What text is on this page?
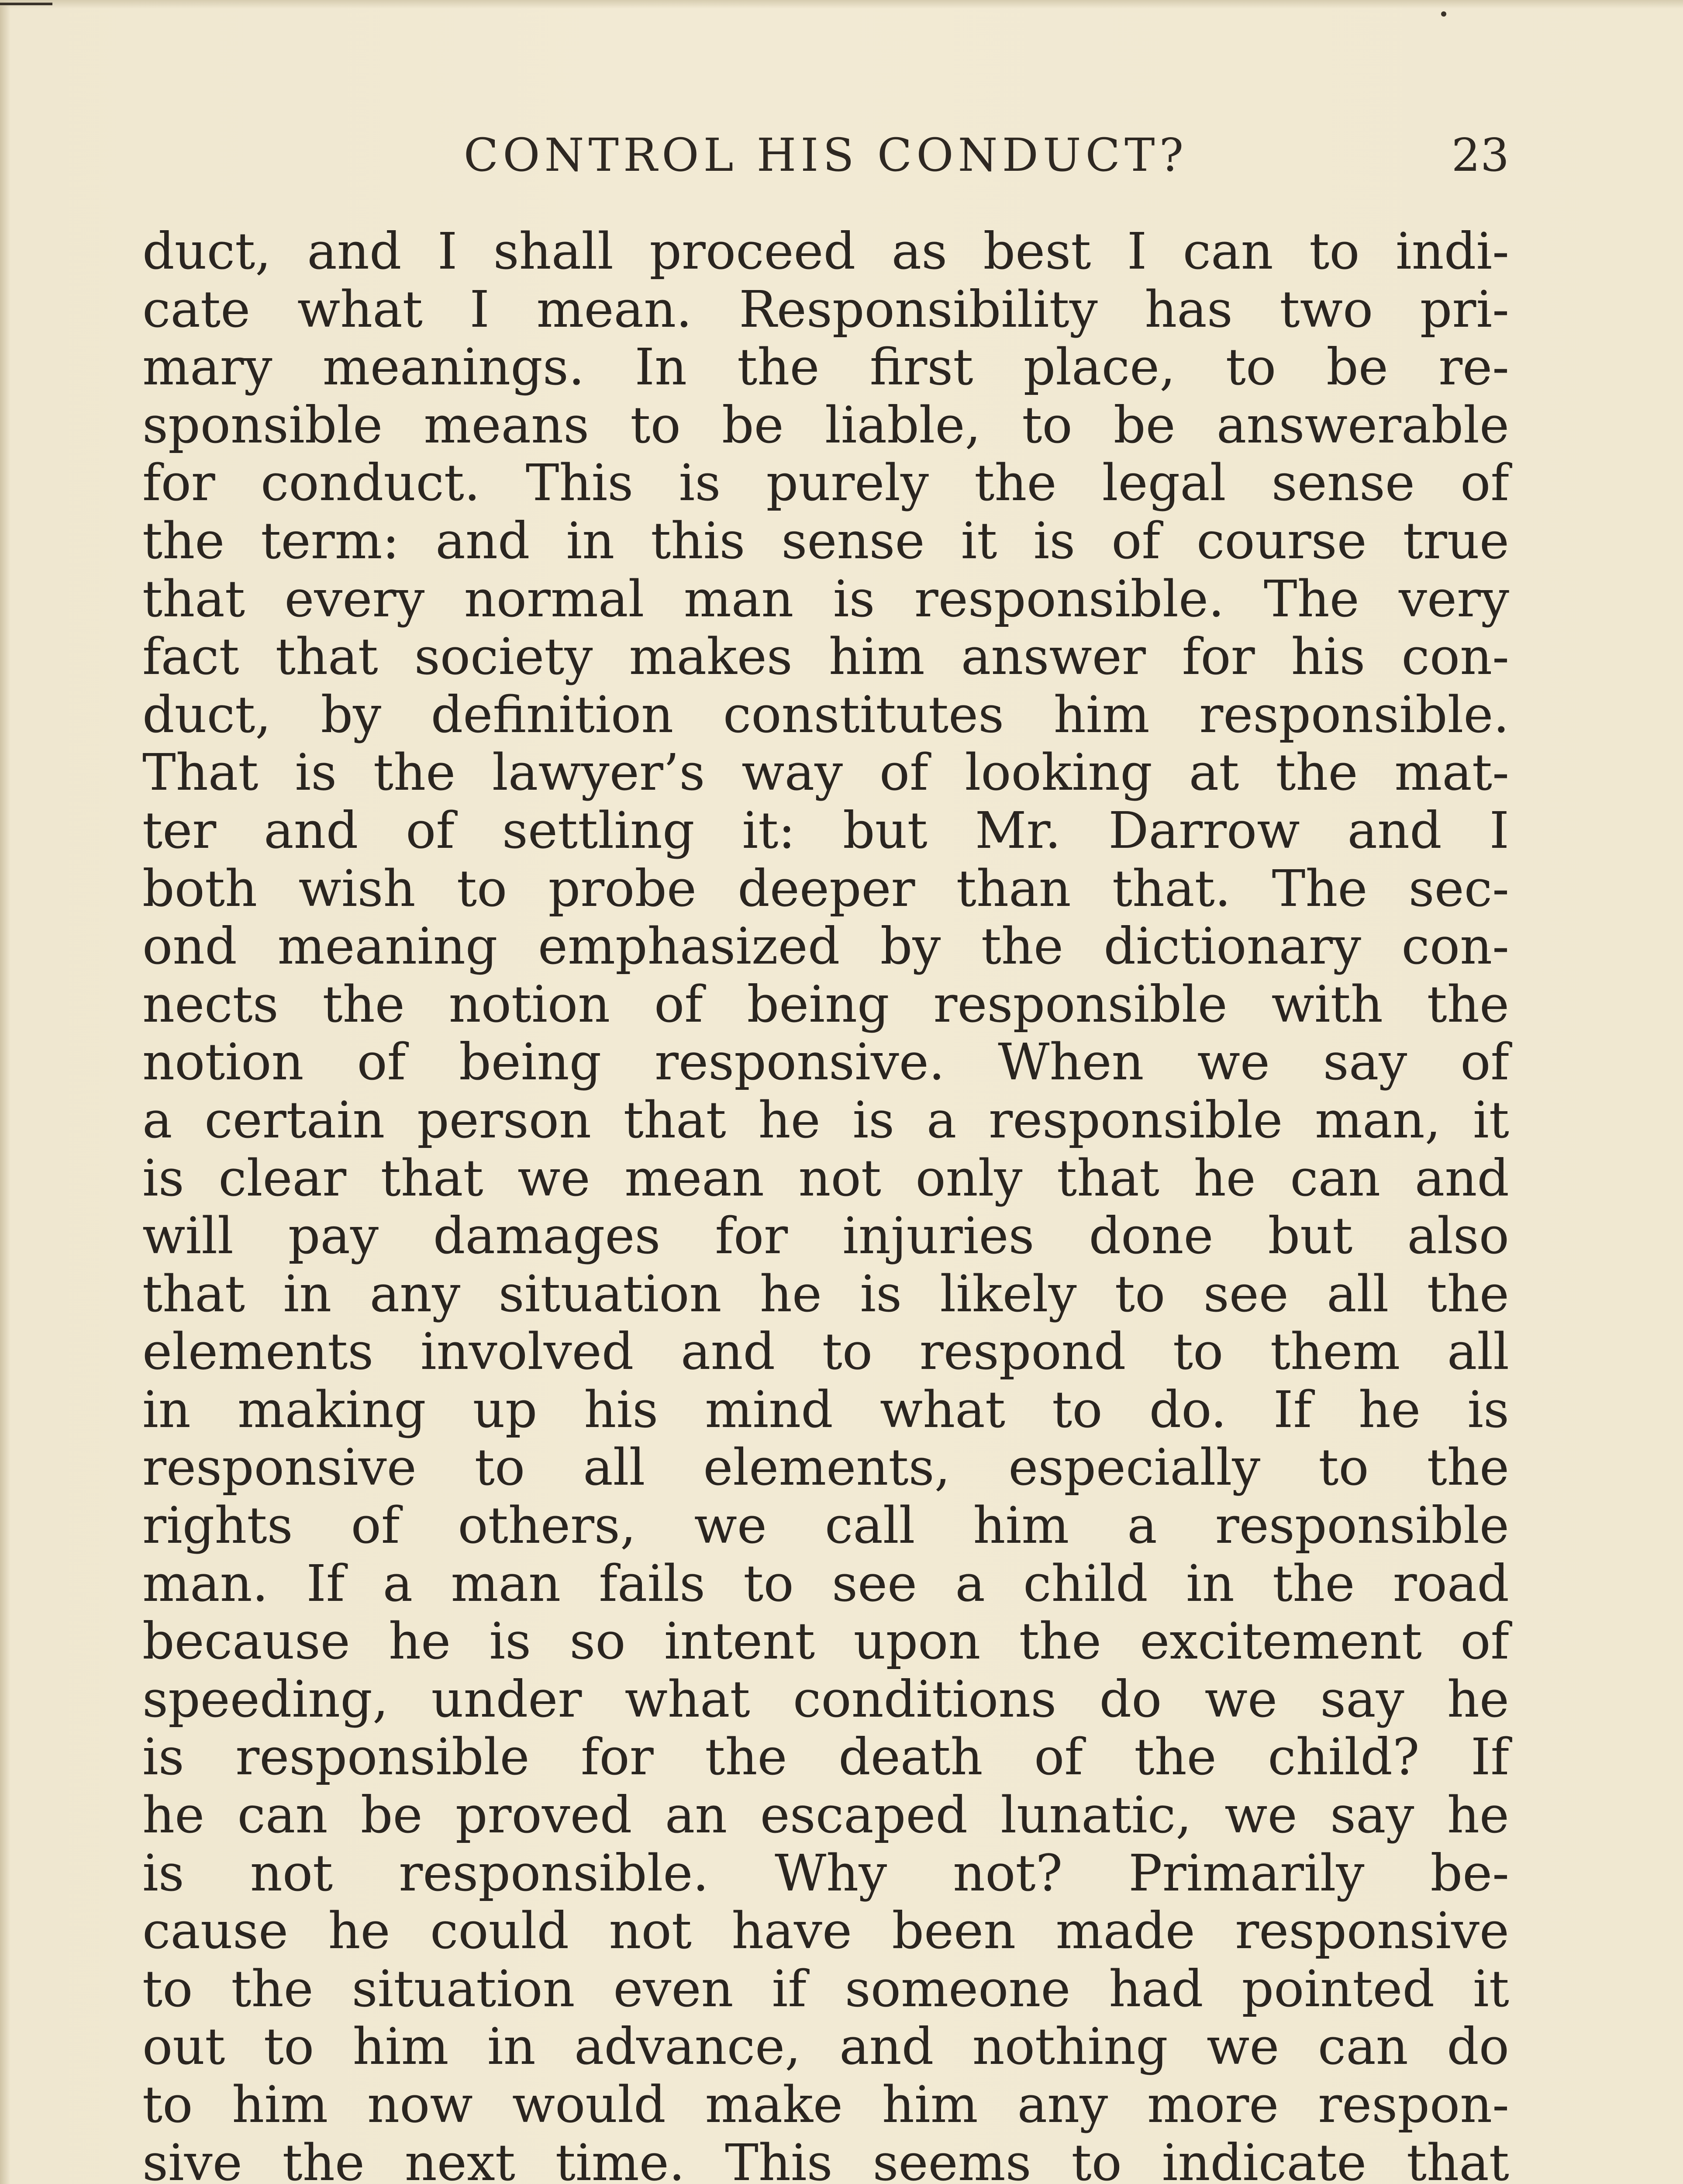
CONTROL HIS CONDUCT?	23
duct, and I shall proceed as best I can to indi-
cate what I mean. Responsibility has two pri-
mary meanings. In the first place, to be re-
sponsible means to be liable, to be answerable
for conduct. This is purely the legal sense of
the term: and in this sense it is of course true
that every normal man is responsible. The very
fact that society makes him answer for his con-
duct, by definition constitutes him responsible.
That is the lawyer’s way of looking at the mat-
ter and of settling it: but Mr. Darrow and I
both wish to probe deeper than that. The sec-
ond meaning emphasized by the dictionary con-
nects the notion of being responsible with the
notion of being responsive. When we say of
a certain person that he is a responsible man, it
is clear that we mean not only that he can and
will pay damages for injuries done but also
that in any situation he is likely to see all the
elements involved and to respond to them all
in making up his mind what to do. If he is
responsive to all elements, especially to the
rights of others, we call him a responsible
man. If a man fails to see a child in the road
because he is so intent upon the excitement of
speeding, under what conditions do we say he
is responsible for the death of the child? If
he can be proved an escaped lunatic, we say he
is not responsible. Why not? Primarily be-
cause he could not have been made responsive
to the situation even if someone had pointed it
out to him in advance, and nothing we can do
to him now would make him any more respon-
sive the next time. This seems to indicate that
